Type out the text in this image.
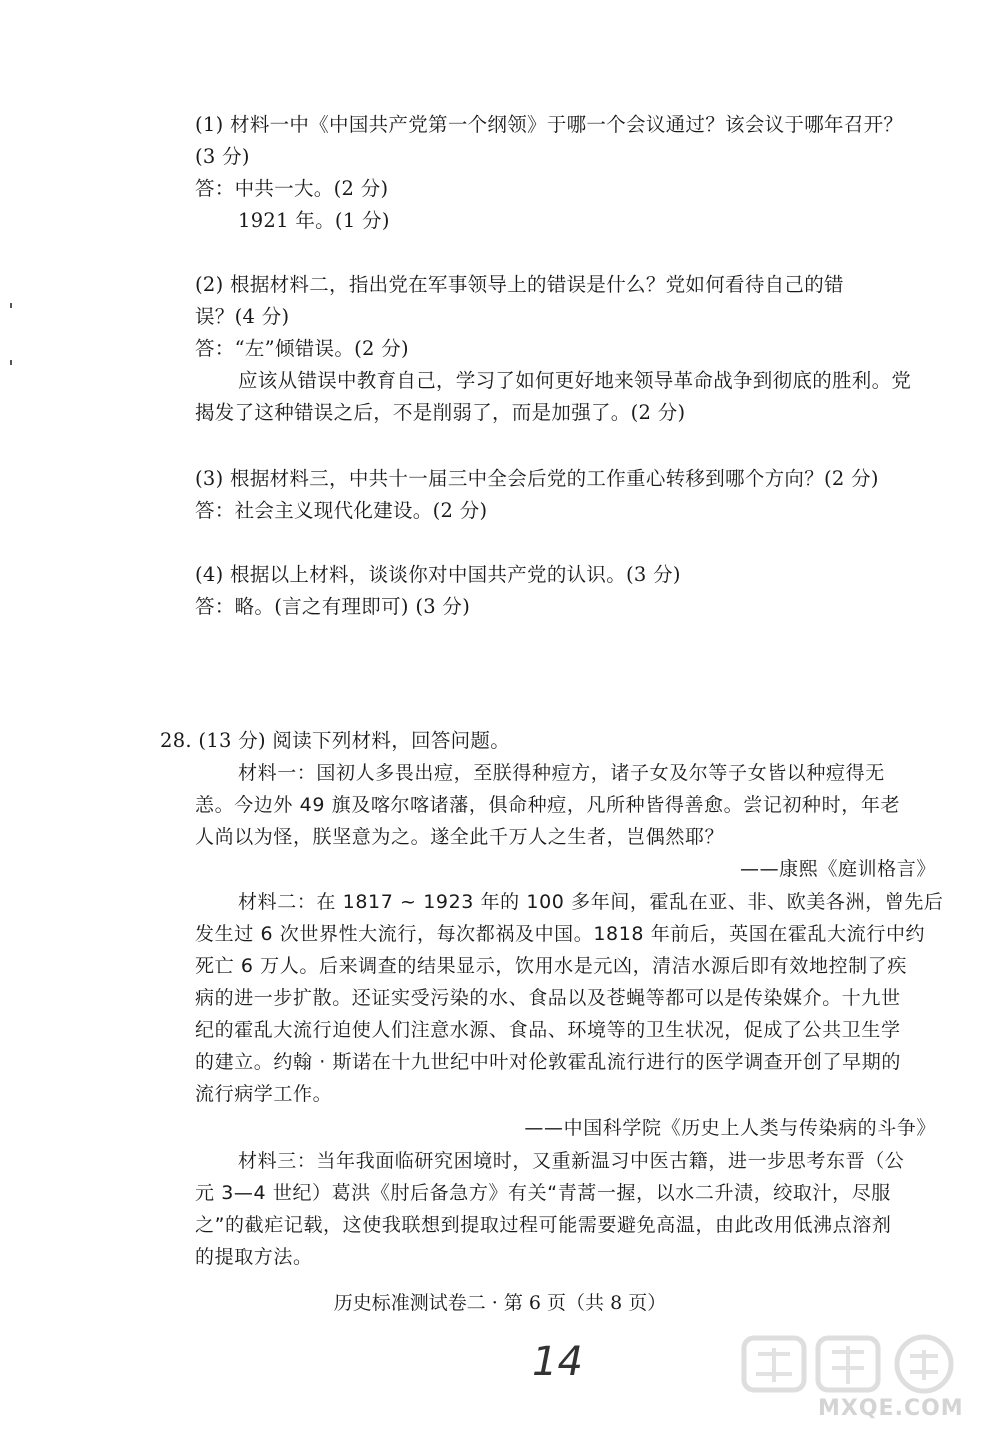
(1) 材料一中《中国共产党第一个纲领》于哪一个会议通过？该会议于哪年召开？
(3 分)
答：中共一大。(2 分)
1921 年。(1 分)
(2) 根据材料二，指出党在军事领导上的错误是什么？党如何看待自己的错
误？(4 分)
答：“左”倾错误。(2 分)
应该从错误中教育自己，学习了如何更好地来领导革命战争到彻底的胜利。党
揭发了这种错误之后，不是削弱了，而是加强了。(2 分)
(3) 根据材料三，中共十一届三中全会后党的工作重心转移到哪个方向？(2 分)
答：社会主义现代化建设。(2 分)
(4) 根据以上材料，谈谈你对中国共产党的认识。(3 分)
答：略。(言之有理即可) (3 分)
28. (13 分) 阅读下列材料，回答问题。
材料一：国初人多畏出痘，至朕得种痘方，诸子女及尔等子女皆以种痘得无
恙。今边外 49 旗及喀尔喀诸藩，俱命种痘，凡所种皆得善愈。尝记初种时，年老
人尚以为怪，朕坚意为之。遂全此千万人之生者，岂偶然耶？
——康熙《庭训格言》
材料二：在 1817 ~ 1923 年的 100 多年间，霍乱在亚、非、欧美各洲，曾先后
发生过 6 次世界性大流行，每次都祸及中国。1818 年前后，英国在霍乱大流行中约
死亡 6 万人。后来调查的结果显示，饮用水是元凶，清洁水源后即有效地控制了疾
病的进一步扩散。还证实受污染的水、食品以及苍蝇等都可以是传染媒介。十九世
纪的霍乱大流行迫使人们注意水源、食品、环境等的卫生状况，促成了公共卫生学
的建立。约翰 · 斯诺在十九世纪中叶对伦敦霍乱流行进行的医学调查开创了早期的
流行病学工作。
——中国科学院《历史上人类与传染病的斗争》
材料三：当年我面临研究困境时，又重新温习中医古籍，进一步思考东晋（公
元 3—4 世纪）葛洪《肘后备急方》有关“青蒿一握，以水二升渍，绞取汁，尽服
之”的截疟记载，这使我联想到提取过程可能需要避免高温，由此改用低沸点溶剂
的提取方法。
历史标准测试卷二 · 第 6 页（共 8 页）
14
MXQE.COM
